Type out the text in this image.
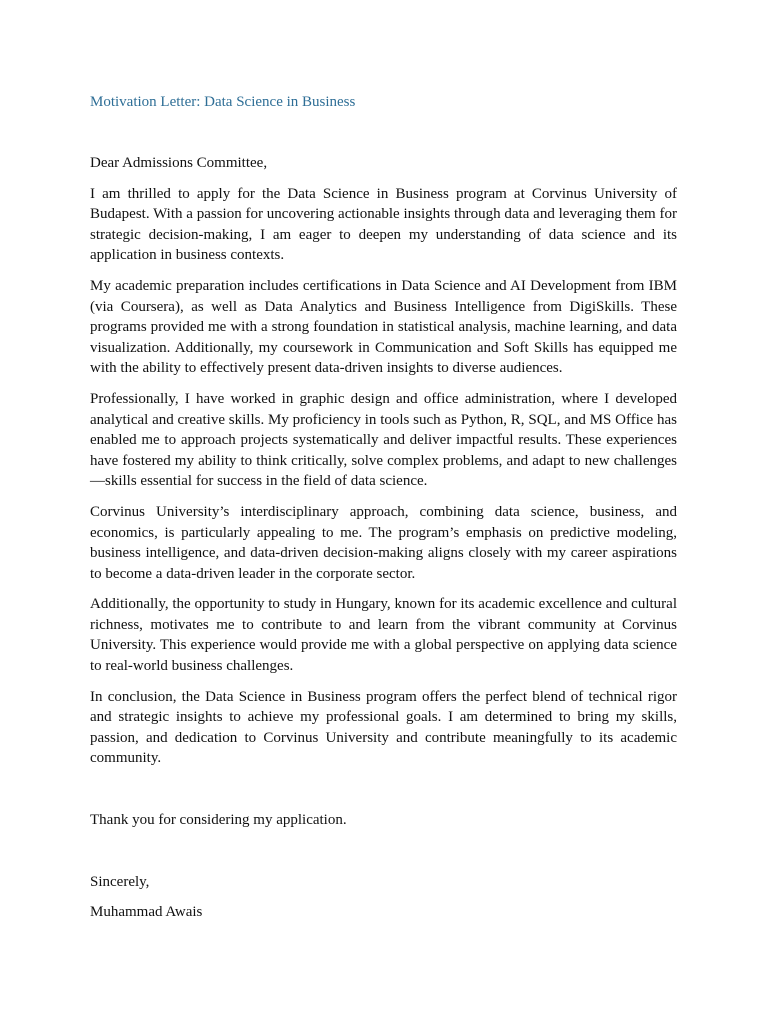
Motivation Letter: Data Science in Business

Dear Admissions Committee,

I am thrilled to apply for the Data Science in Business program at Corvinus University of Budapest. With a passion for uncovering actionable insights through data and leveraging them for strategic decision-making, I am eager to deepen my understanding of data science and its application in business contexts.

My academic preparation includes certifications in Data Science and AI Development from IBM (via Coursera), as well as Data Analytics and Business Intelligence from DigiSkills. These programs provided me with a strong foundation in statistical analysis, machine learning, and data visualization. Additionally, my coursework in Communication and Soft Skills has equipped me with the ability to effectively present data-driven insights to diverse audiences.

Professionally, I have worked in graphic design and office administration, where I developed analytical and creative skills. My proficiency in tools such as Python, R, SQL, and MS Office has enabled me to approach projects systematically and deliver impactful results. These experiences have fostered my ability to think critically, solve complex problems, and adapt to new challenges—skills essential for success in the field of data science.

Corvinus University’s interdisciplinary approach, combining data science, business, and economics, is particularly appealing to me. The program’s emphasis on predictive modeling, business intelligence, and data-driven decision-making aligns closely with my career aspirations to become a data-driven leader in the corporate sector.

Additionally, the opportunity to study in Hungary, known for its academic excellence and cultural richness, motivates me to contribute to and learn from the vibrant community at Corvinus University. This experience would provide me with a global perspective on applying data science to real-world business challenges.

In conclusion, the Data Science in Business program offers the perfect blend of technical rigor and strategic insights to achieve my professional goals. I am determined to bring my skills, passion, and dedication to Corvinus University and contribute meaningfully to its academic community.

Thank you for considering my application.
Sincerely,
Muhammad Awais
